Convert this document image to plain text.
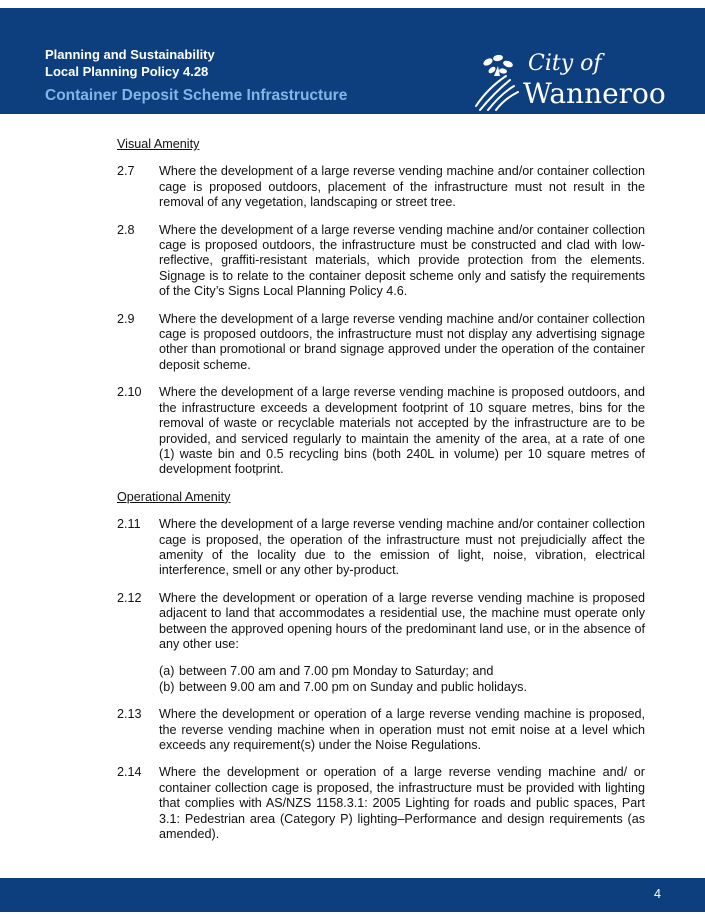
Planning and Sustainability
Local Planning Policy 4.28
Container Deposit Scheme Infrastructure
City of
Wanneroo
Visual Amenity
2.7 Where the development of a large reverse vending machine and/or container collection cage is proposed outdoors, placement of the infrastructure must not result in the removal of any vegetation, landscaping or street tree.

2.8 Where the development of a large reverse vending machine and/or container collection cage is proposed outdoors, the infrastructure must be constructed and clad with low-reflective, graffiti-resistant materials, which provide protection from the elements. Signage is to relate to the container deposit scheme only and satisfy the requirements of the City’s Signs Local Planning Policy 4.6.

2.9 Where the development of a large reverse vending machine and/or container collection cage is proposed outdoors, the infrastructure must not display any advertising signage other than promotional or brand signage approved under the operation of the container deposit scheme.

2.10 Where the development of a large reverse vending machine is proposed outdoors, and the infrastructure exceeds a development footprint of 10 square metres, bins for the removal of waste or recyclable materials not accepted by the infrastructure are to be provided, and serviced regularly to maintain the amenity of the area, at a rate of one (1) waste bin and 0.5 recycling bins (both 240L in volume) per 10 square metres of development footprint.

Operational Amenity
2.11 Where the development of a large reverse vending machine and/or container collection cage is proposed, the operation of the infrastructure must not prejudicially affect the amenity of the locality due to the emission of light, noise, vibration, electrical interference, smell or any other by-product.

2.12 Where the development or operation of a large reverse vending machine is proposed adjacent to land that accommodates a residential use, the machine must operate only between the approved opening hours of the predominant land use, or in the absence of any other use:

(a) between 7.00 am and 7.00 pm Monday to Saturday; and
(b) between 9.00 am and 7.00 pm on Sunday and public holidays.
2.13 Where the development or operation of a large reverse vending machine is proposed, the reverse vending machine when in operation must not emit noise at a level which exceeds any requirement(s) under the Noise Regulations.

2.14 Where the development or operation of a large reverse vending machine and/ or container collection cage is proposed, the infrastructure must be provided with lighting that complies with AS/NZS 1158.3.1: 2005 Lighting for roads and public spaces, Part 3.1: Pedestrian area (Category P) lighting–Performance and design requirements (as amended).

4
